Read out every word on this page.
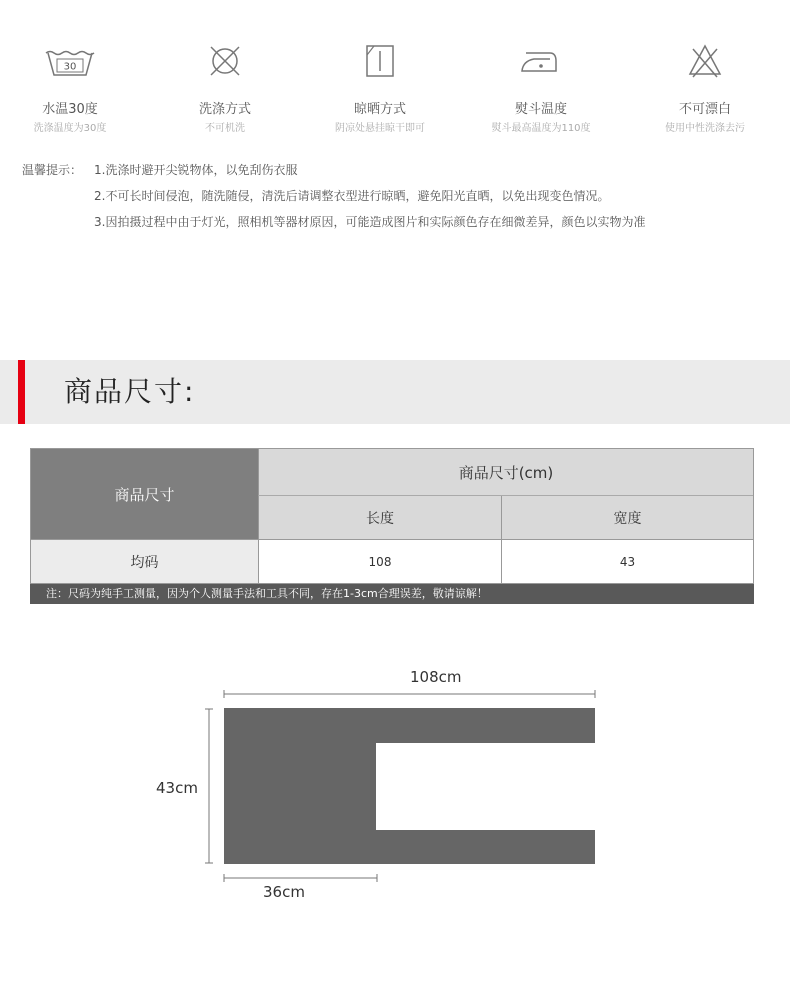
30
水温30度
洗涤温度为30度
洗涤方式
不可机洗
晾晒方式
阴凉处悬挂晾干即可
熨斗温度
熨斗最高温度为110度
不可漂白
使用中性洗涤去污
温馨提示： 1.洗涤时避开尖锐物体，以免刮伤衣服
2.不可长时间侵泡，随洗随侵，清洗后请调整衣型进行晾晒，避免阳光直晒，以免出现变色情况。
3.因拍摄过程中由于灯光，照相机等器材原因，可能造成图片和实际颜色存在细微差异，颜色以实物为准
商品尺寸:
商品尺寸
商品尺寸(cm)
长度	宽度
均码	108	43
注：尺码为纯手工测量，因为个人测量手法和工具不同，存在1-3cm合理误差，敬请谅解！
108cm
43cm
36cm
